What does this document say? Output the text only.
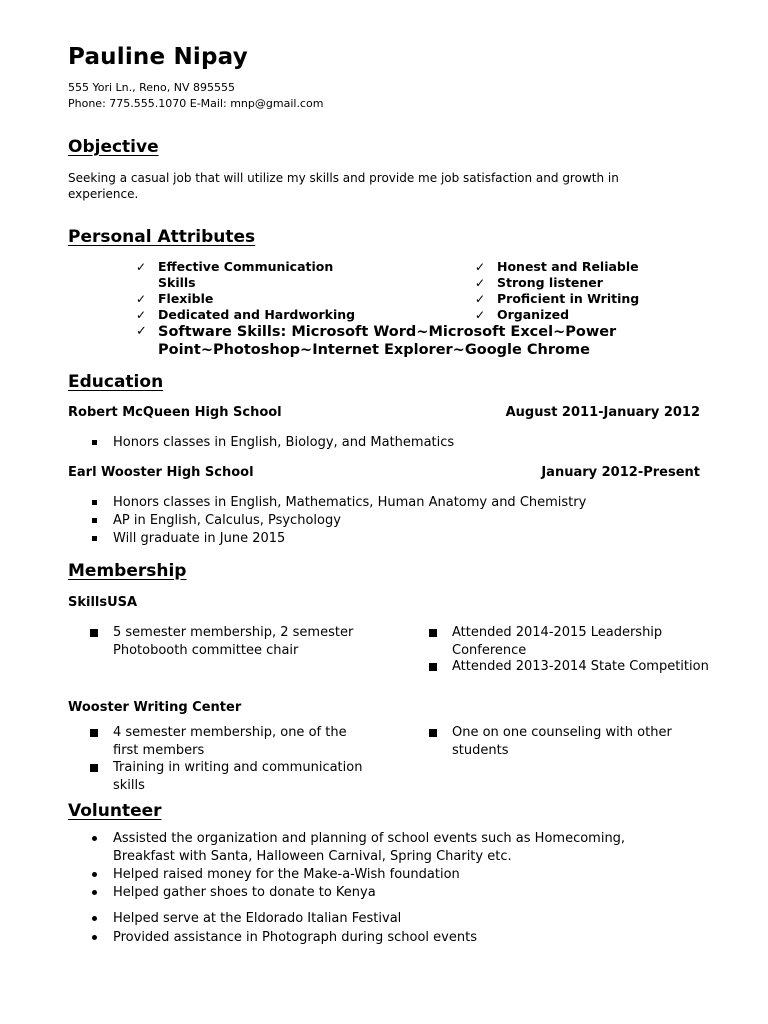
Pauline Nipay
555 Yori Ln., Reno, NV 895555
Phone: 775.555.1070 E-Mail: mnp@gmail.com
Objective
Seeking a casual job that will utilize my skills and provide me job satisfaction and growth in experience.
Personal Attributes
✓ Effective Communication Skills
✓ Flexible
✓ Dedicated and Hardworking
✓ Honest and Reliable
✓ Strong listener
✓ Proficient in Writing
✓ Organized
✓ Software Skills: Microsoft Word~Microsoft Excel~Power Point~Photoshop~Internet Explorer~Google Chrome
Education
Robert McQueen High School	August 2011-January 2012
Honors classes in English, Biology, and Mathematics
Earl Wooster High School	January 2012-Present
Honors classes in English, Mathematics, Human Anatomy and Chemistry
AP in English, Calculus, Psychology
Will graduate in June 2015
Membership
SkillsUSA
5 semester membership, 2 semester Photobooth committee chair
Attended 2014-2015 Leadership Conference
Attended 2013-2014 State Competition
Wooster Writing Center
4 semester membership, one of the first members
Training in writing and communication skills
One on one counseling with other students
Volunteer
Assisted the organization and planning of school events such as Homecoming, Breakfast with Santa, Halloween Carnival, Spring Charity etc.
Helped raised money for the Make-a-Wish foundation
Helped gather shoes to donate to Kenya
Helped serve at the Eldorado Italian Festival
Provided assistance in Photograph during school events
